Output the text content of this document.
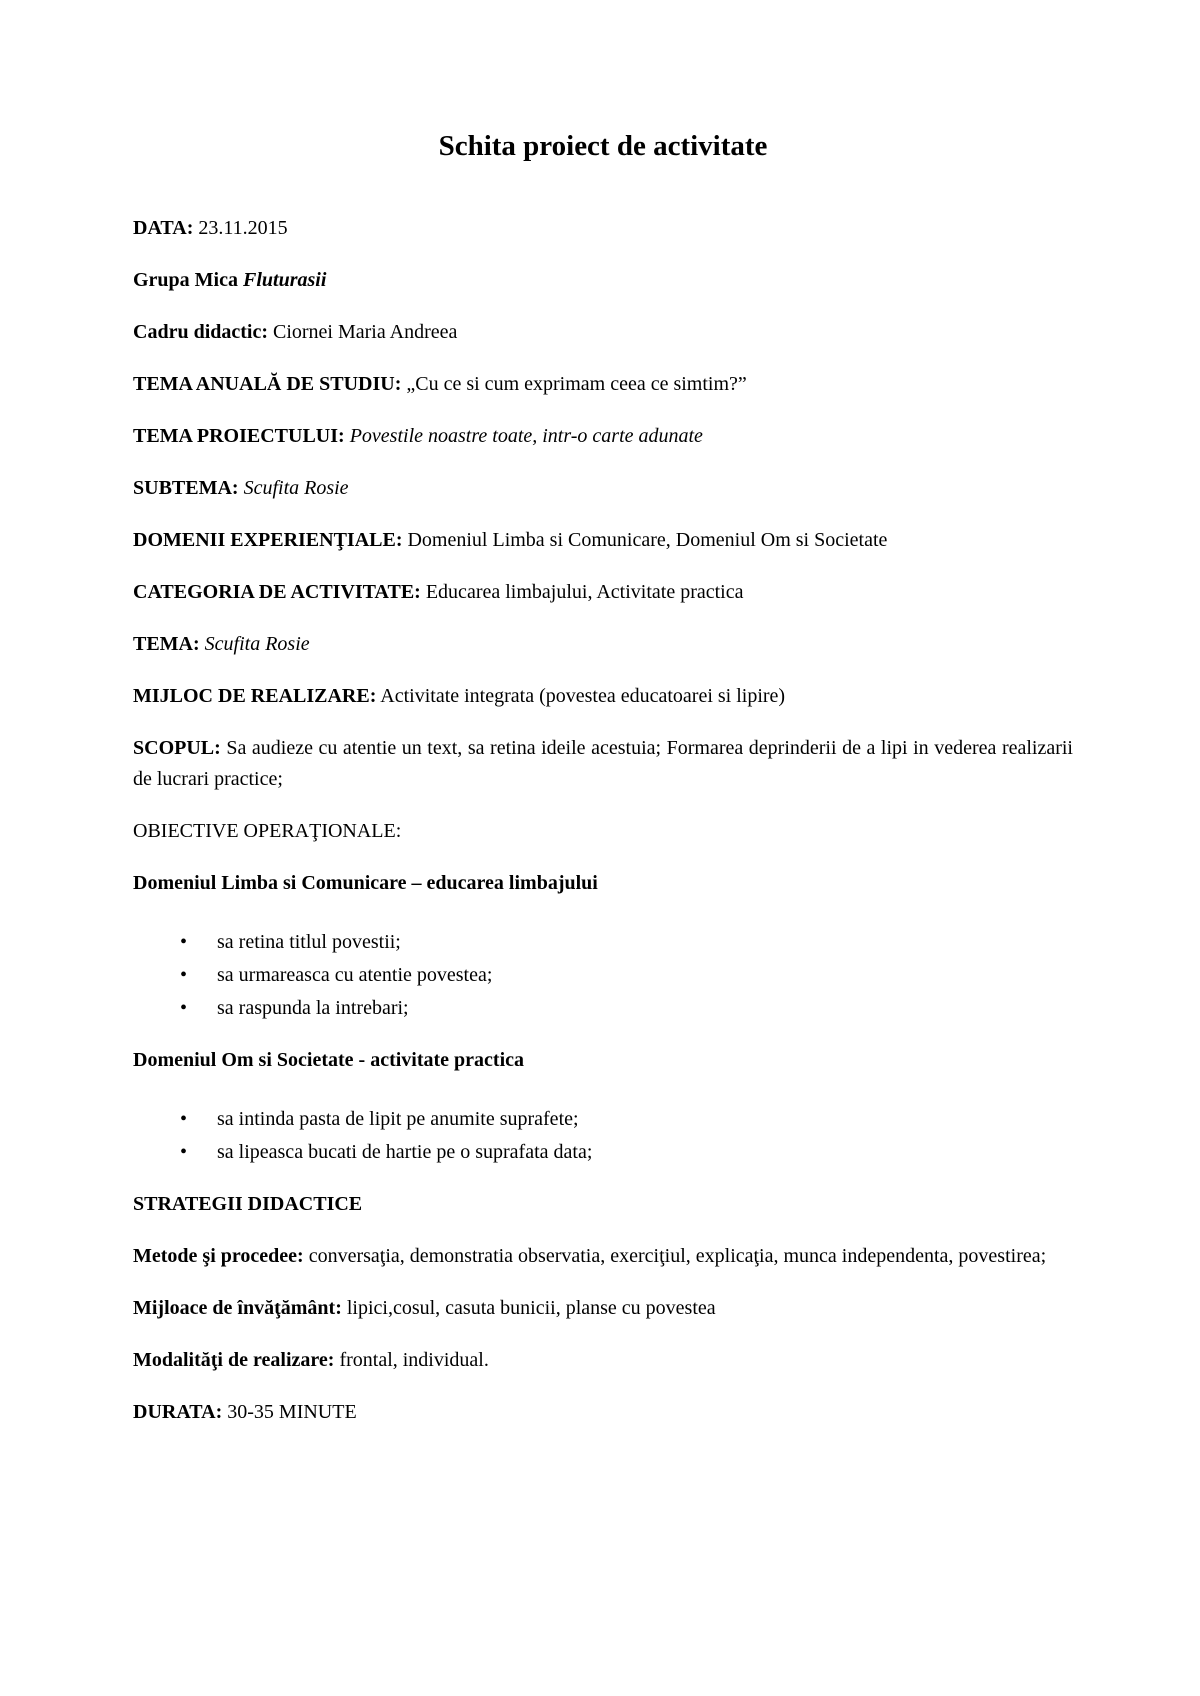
Schita proiect de activitate

DATA: 23.11.2015

Grupa Mica Fluturasii

Cadru didactic: Ciornei Maria Andreea

TEMA ANUALĂ DE STUDIU: „Cu ce si cum exprimam ceea ce simtim?”

TEMA PROIECTULUI: Povestile noastre toate, intr-o carte adunate

SUBTEMA: Scufita Rosie

DOMENII EXPERIENŢIALE: Domeniul Limba si Comunicare, Domeniul Om si Societate

CATEGORIA DE ACTIVITATE: Educarea limbajului, Activitate practica

TEMA: Scufita Rosie

MIJLOC DE REALIZARE: Activitate integrata (povestea educatoarei si lipire)

SCOPUL: Sa audieze cu atentie un text, sa retina ideile acestuia; Formarea deprinderii de a lipi in vederea realizarii de lucrari practice;

OBIECTIVE OPERAŢIONALE:

Domeniul Limba si Comunicare – educarea limbajului

• sa retina titlul povestii;
• sa urmareasca cu atentie povestea;
• sa raspunda la intrebari;

Domeniul Om si Societate - activitate practica

• sa intinda pasta de lipit pe anumite suprafete;
• sa lipeasca bucati de hartie pe o suprafata data;

STRATEGII DIDACTICE

Metode şi procedee: conversaţia, demonstratia observatia, exerciţiul, explicaţia, munca independenta, povestirea;

Mijloace de învăţământ: lipici,cosul, casuta bunicii, planse cu povestea

Modalităţi de realizare: frontal, individual.

DURATA: 30-35 MINUTE
